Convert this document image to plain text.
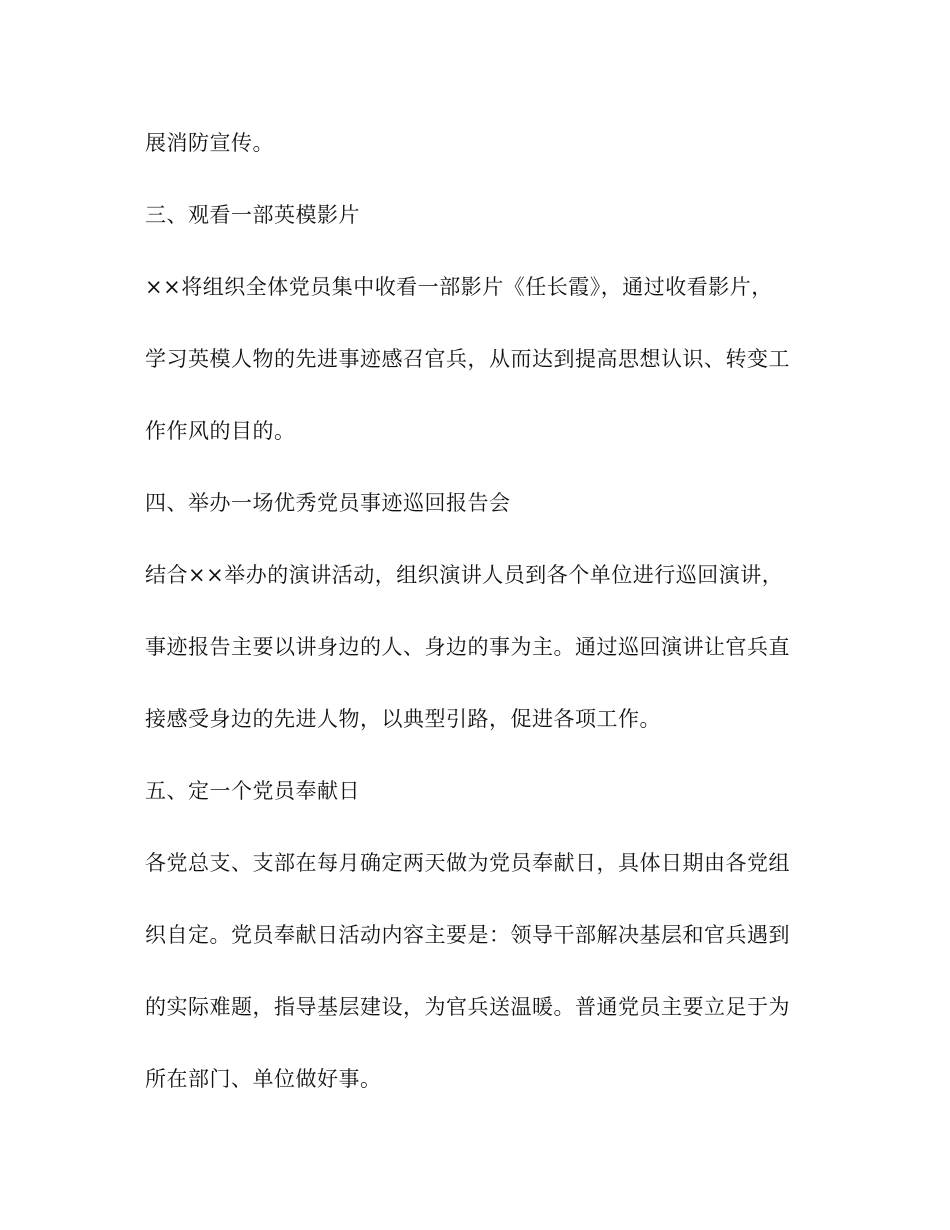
展消防宣传。
三、观看一部英模影片
××将组织全体党员集中收看一部影片《任长霞》，通过收看影片，
学习英模人物的先进事迹感召官兵，从而达到提高思想认识、转变工
作作风的目的。
四、举办一场优秀党员事迹巡回报告会
结合××举办的演讲活动，组织演讲人员到各个单位进行巡回演讲，
事迹报告主要以讲身边的人、身边的事为主。通过巡回演讲让官兵直
接感受身边的先进人物，以典型引路，促进各项工作。
五、定一个党员奉献日
各党总支、支部在每月确定两天做为党员奉献日，具体日期由各党组
织自定。党员奉献日活动内容主要是：领导干部解决基层和官兵遇到
的实际难题，指导基层建设，为官兵送温暖。普通党员主要立足于为
所在部门、单位做好事。
